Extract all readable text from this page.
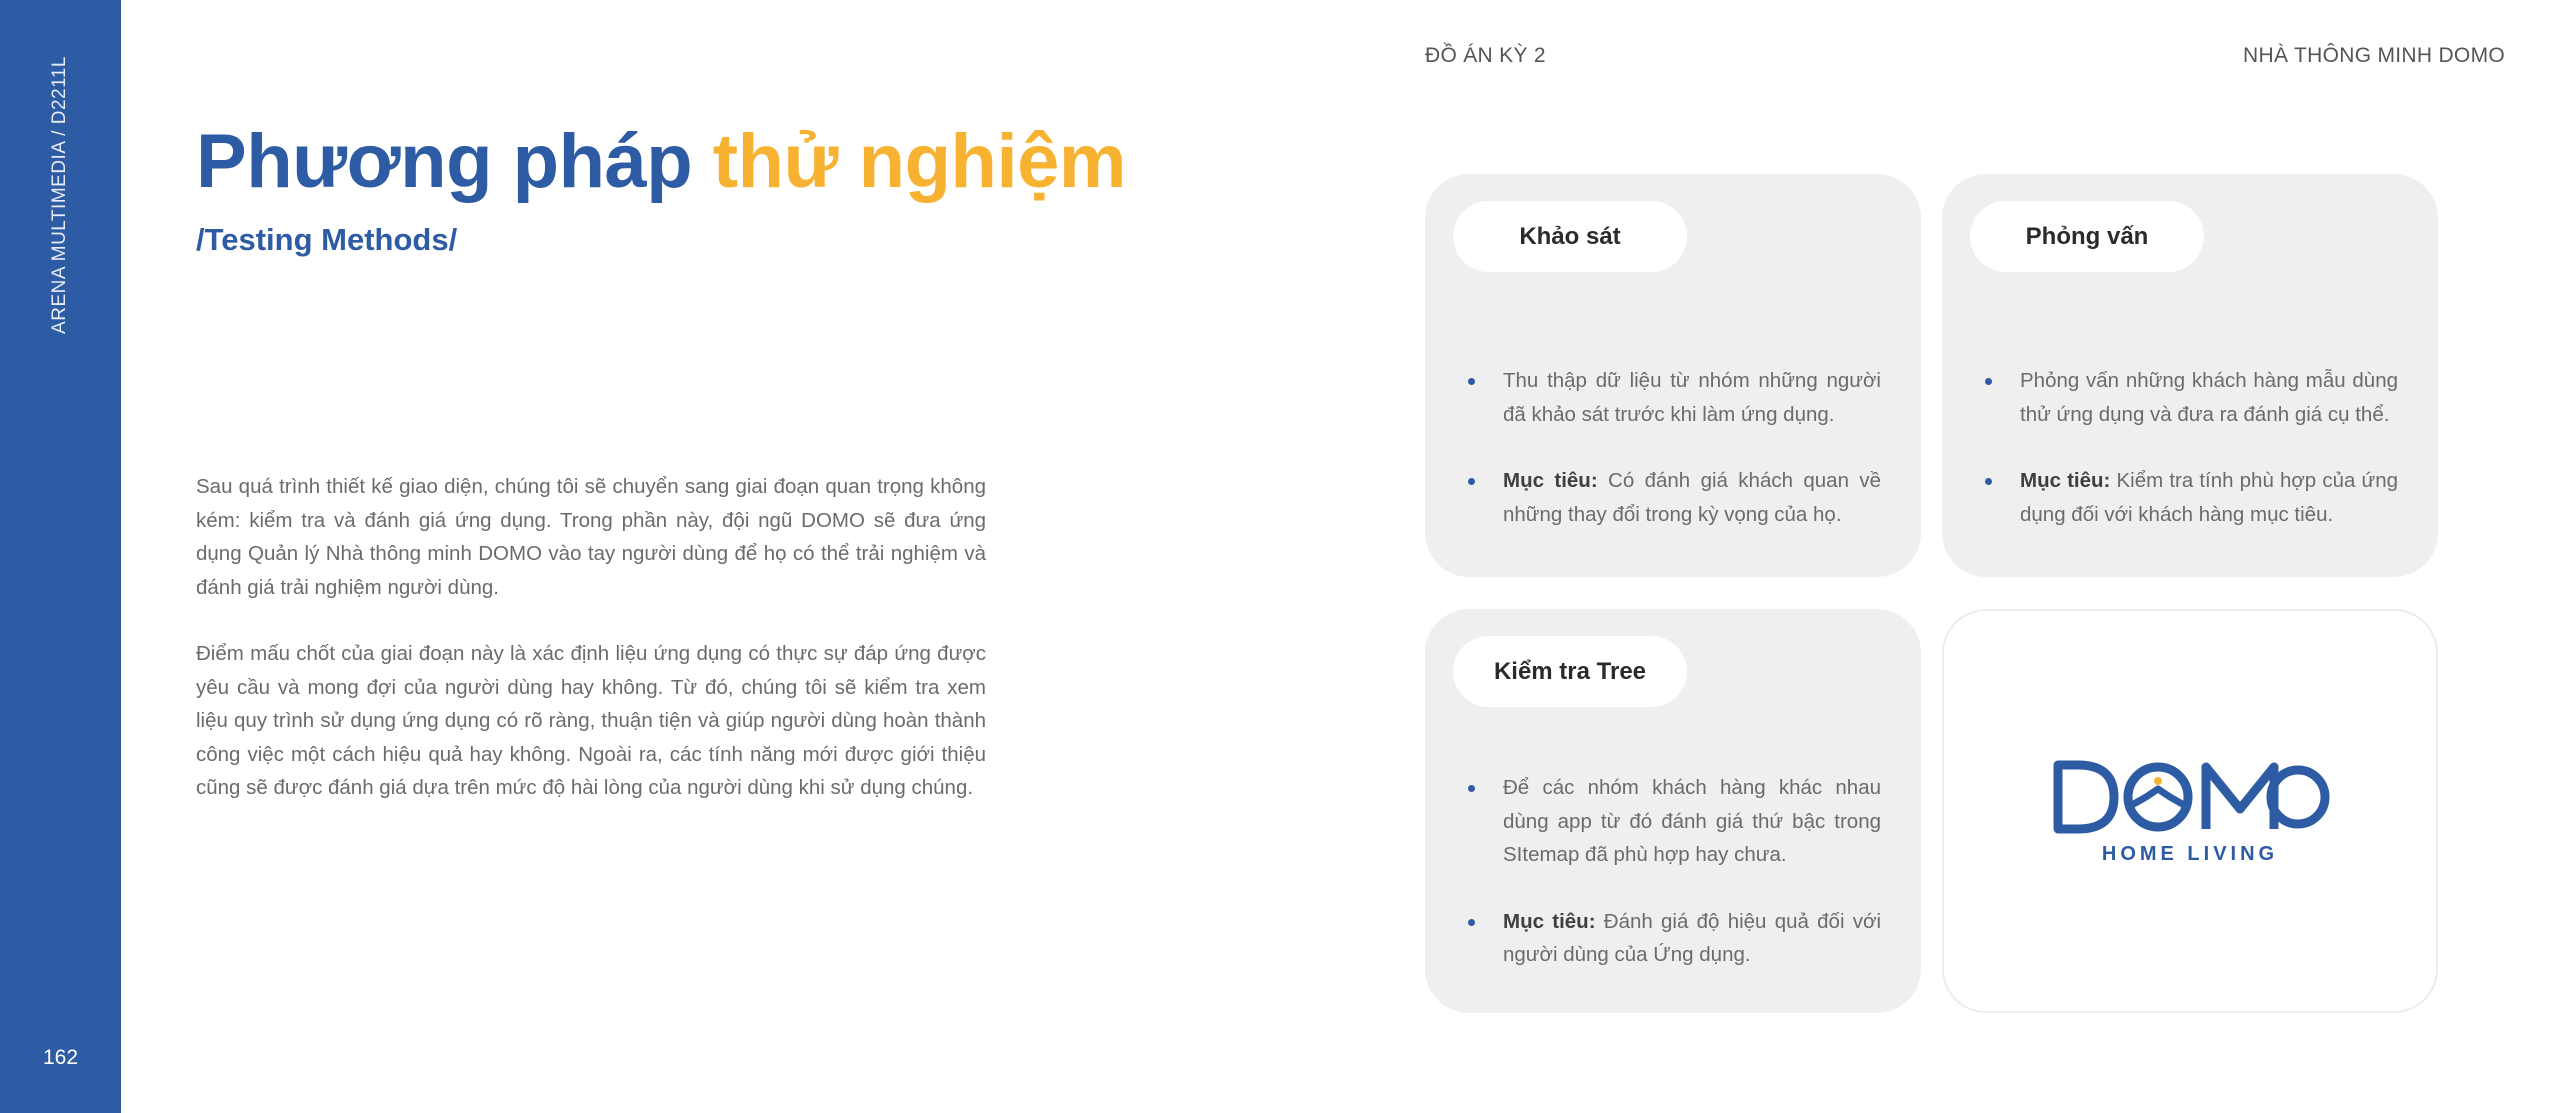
ARENA MULTIMEDIA / D2211L
162
ĐỒ ÁN KỲ 2	NHÀ THÔNG MINH DOMO
Phương pháp thử nghiệm
/Testing Methods/

Sau quá trình thiết kế giao diện, chúng tôi sẽ chuyển sang giai đoạn quan trọng không kém: kiểm tra và đánh giá ứng dụng. Trong phần này, đội ngũ DOMO sẽ đưa ứng dụng Quản lý Nhà thông minh DOMO vào tay người dùng để họ có thể trải nghiệm và đánh giá trải nghiệm người dùng.

Điểm mấu chốt của giai đoạn này là xác định liệu ứng dụng có thực sự đáp ứng được yêu cầu và mong đợi của người dùng hay không. Từ đó, chúng tôi sẽ kiểm tra xem liệu quy trình sử dụng ứng dụng có rõ ràng, thuận tiện và giúp người dùng hoàn thành công việc một cách hiệu quả hay không. Ngoài ra, các tính năng mới được giới thiệu cũng sẽ được đánh giá dựa trên mức độ hài lòng của người dùng khi sử dụng chúng.

Khảo sát
Thu thập dữ liệu từ nhóm những người đã khảo sát trước khi làm ứng dụng.
Mục tiêu: Có đánh giá khách quan về những thay đổi trong kỳ vọng của họ.
Phỏng vấn
Phỏng vấn những khách hàng mẫu dùng thử ứng dụng và đưa ra đánh giá cụ thể.
Mục tiêu: Kiểm tra tính phù hợp của ứng dụng đối với khách hàng mục tiêu.
Kiểm tra Tree
Để các nhóm khách hàng khác nhau dùng app từ đó đánh giá thứ bậc trong SItemap đã phù hợp hay chưa.
Mục tiêu: Đánh giá độ hiệu quả đối với người dùng của Ứng dụng.
HOME LIVING
